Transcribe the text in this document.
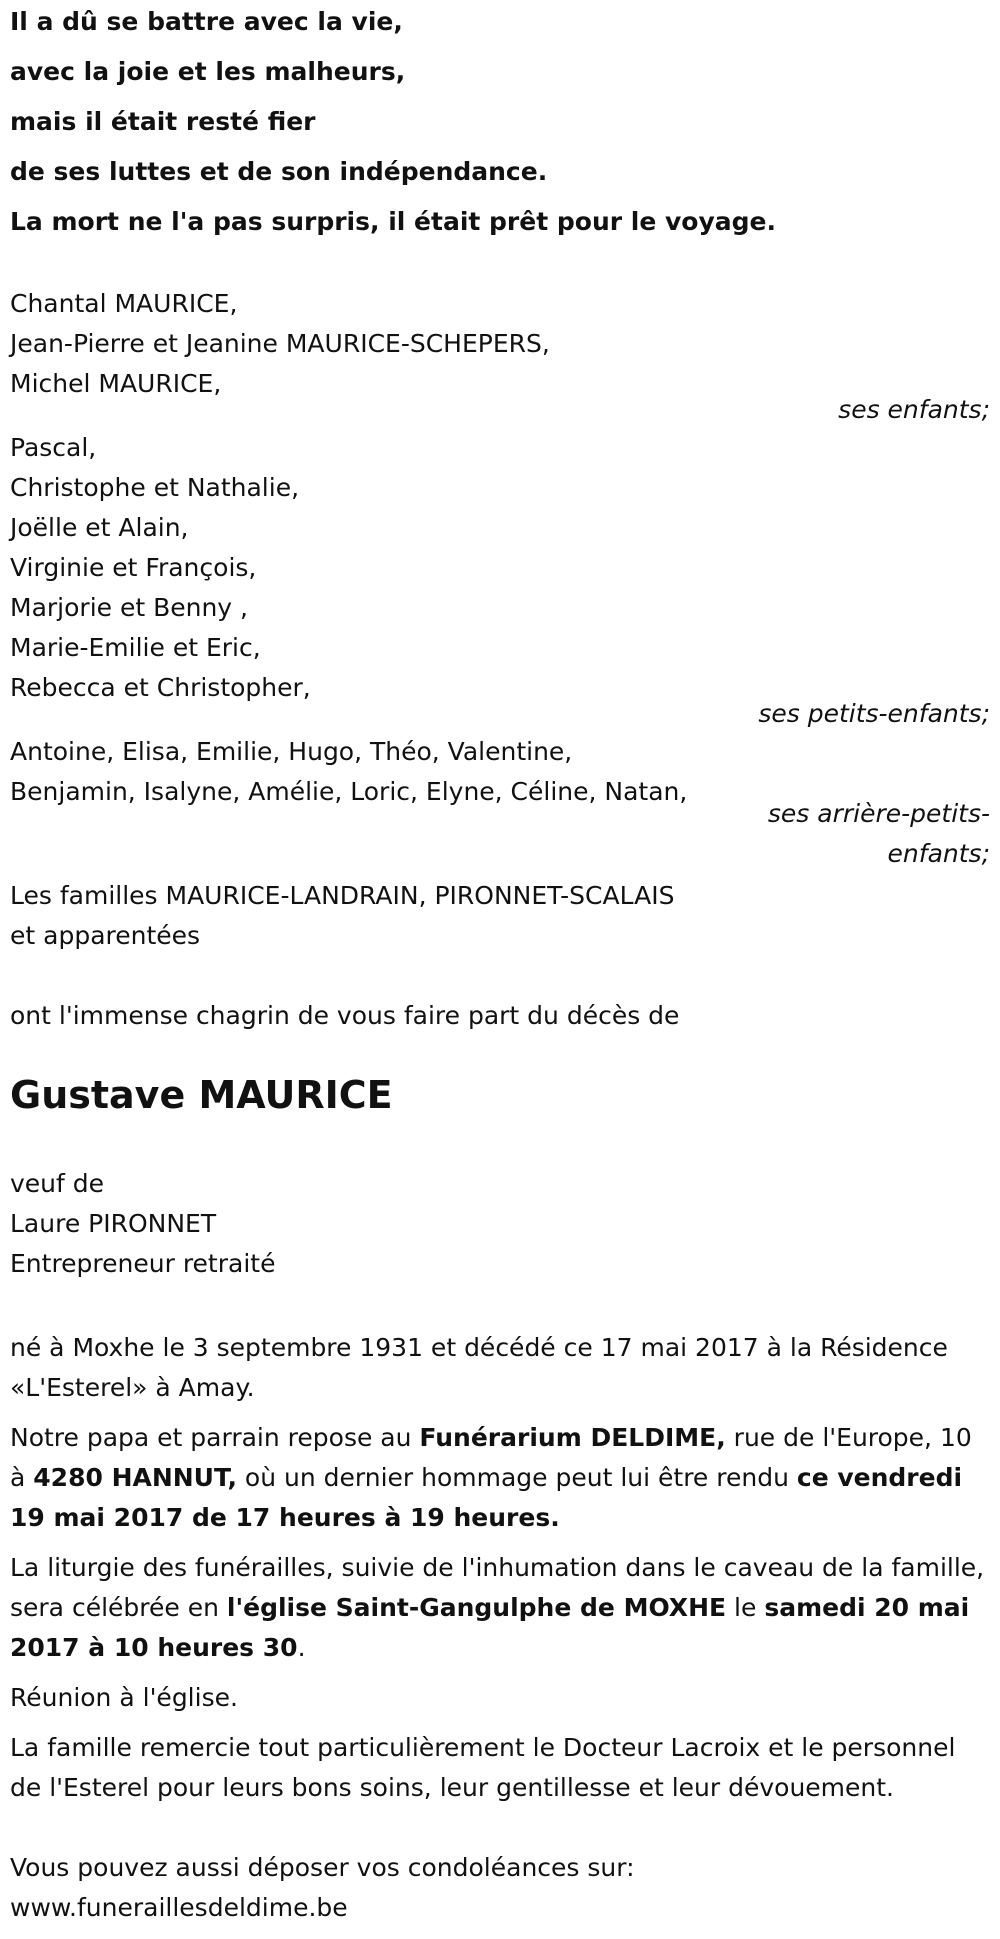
Il a dû se battre avec la vie,

avec la joie et les malheurs,

mais il était resté fier

de ses luttes et de son indépendance.

La mort ne l'a pas surpris, il était prêt pour le voyage.

Chantal MAURICE,

Jean-Pierre et Jeanine MAURICE-SCHEPERS,

Michel MAURICE,

ses enfants;

Pascal,

Christophe et Nathalie,

Joëlle et Alain,

Virginie et François,

Marjorie et Benny ,

Marie-Emilie et Eric,

Rebecca et Christopher,

ses petits-enfants;

Antoine, Elisa, Emilie, Hugo, Théo, Valentine,

Benjamin, Isalyne, Amélie, Loric, Elyne, Céline, Natan,

ses arrière-petits-enfants;

Les familles MAURICE-LANDRAIN, PIRONNET-SCALAIS

et apparentées

ont l'immense chagrin de vous faire part du décès de

Gustave MAURICE

veuf de

Laure PIRONNET

Entrepreneur retraité

né à Moxhe le 3 septembre 1931 et décédé ce 17 mai 2017 à la Résidence «L'Esterel» à Amay.

Notre papa et parrain repose au Funérarium DELDIME, rue de l'Europe, 10 à 4280 HANNUT, où un dernier hommage peut lui être rendu ce vendredi 19 mai 2017 de 17 heures à 19 heures.

La liturgie des funérailles, suivie de l'inhumation dans le caveau de la famille, sera célébrée en l'église Saint-Gangulphe de MOXHE le samedi 20 mai 2017 à 10 heures 30.

Réunion à l'église.

La famille remercie tout particulièrement le Docteur Lacroix et le personnel de l'Esterel pour leurs bons soins, leur gentillesse et leur dévouement.

Vous pouvez aussi déposer vos condoléances sur:

www.funeraillesdeldime.be
